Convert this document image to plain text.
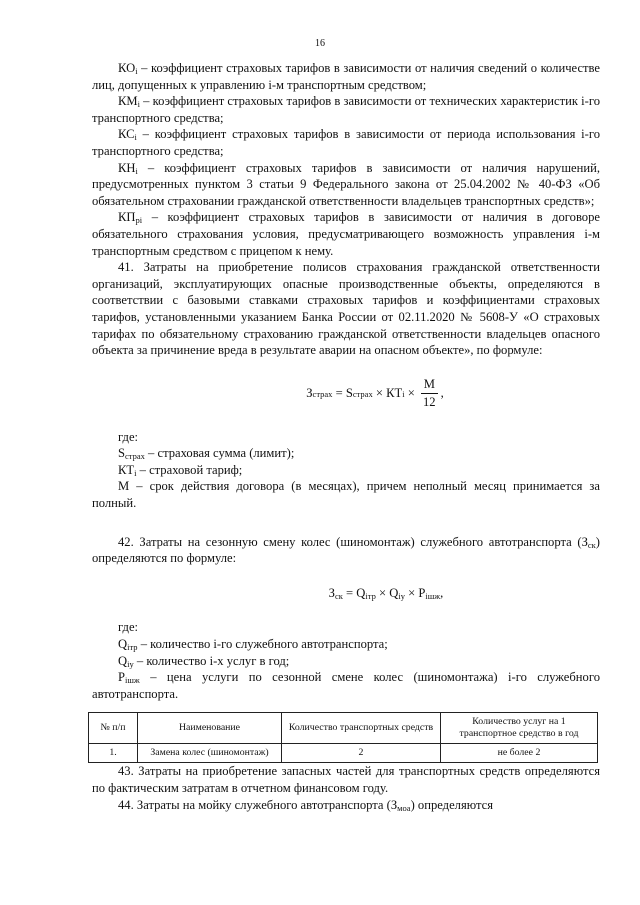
16

$КО_i$ – коэффициент страховых тарифов в зависимости от наличия сведений о количестве лиц, допущенных к управлению i-м транспортным средством;

$КМ_i$ – коэффициент страховых тарифов в зависимости от технических характеристик i-го транспортного средства;

$КС_i$ – коэффициент страховых тарифов в зависимости от периода использования i-го транспортного средства;

$КН_i$ – коэффициент страховых тарифов в зависимости от наличия нарушений, предусмотренных пунктом 3 статьи 9 Федерального закона от 25.04.2002 № 40-ФЗ «Об обязательном страховании гражданской ответственности владельцев транспортных средств»;

$КП_{рi}$ – коэффициент страховых тарифов в зависимости от наличия в договоре обязательного страхования условия, предусматривающего возможность управления i-м транспортным средством с прицепом к нему.

41. Затраты на приобретение полисов страхования гражданской ответственности организаций, эксплуатирующих опасные производственные объекты, определяются в соответствии с базовыми ставками страховых тарифов и коэффициентами страховых тарифов, установленными указанием Банка России от 02.11.2020 № 5608-У «О страховых тарифах по обязательному страхованию гражданской ответственности владельцев опасного объекта за причинение вреда в результате аварии на опасном объекте», по формуле:

З страх = S страх × КТ $i \times \frac{М}{12}$ ,

где:

$S_{страх}$ – страховая сумма (лимит);

$КТ_i$ – страховой тариф;

М – срок действия договора (в месяцах), причем неполный месяц принимается за полный.

42. Затраты на сезонную смену колес (шиномонтаж) служебного автотранспорта $(З_{ск})$ определяются по формуле:

$З_{ск} = Q_{iтр} \times Q_{iу} \times Р_{iшж}$,

где:

$Q_{iтр}$ – количество i-го служебного автотранспорта;

$Q_{iу}$ – количество i-х услуг в год;

$Р_{iшж}$ – цена услуги по сезонной смене колес (шиномонтажа) i-го служебного автотранспорта.

№ п/п	Наименование	Количество транспортных средств	Количество услуг на 1 транспортное средство в год
1.	Замена колес (шиномонтаж)	2	не более 2

43. Затраты на приобретение запасных частей для транспортных средств определяются по фактическим затратам в отчетном финансовом году.

44. Затраты на мойку служебного автотранспорта $(З_{моа})$ определяются
